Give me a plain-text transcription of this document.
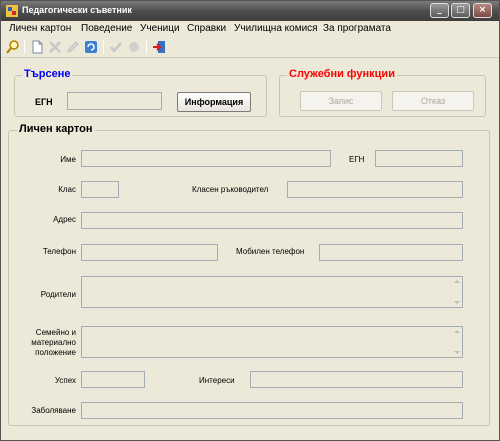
Педагогически съветник	_	□	×
Личен картон Поведение Ученици Справки Училищна комися За програмата
Търсене
ЕГН	Информация
Служебни функции
Запис	Отказ
Личен картон
Име	ЕГН
Клас	Класен ръководител
Адрес
Телефон	Мобилен телефон
Родители
Семейно и
материално
положение
Успех	Интереси
Заболяване
